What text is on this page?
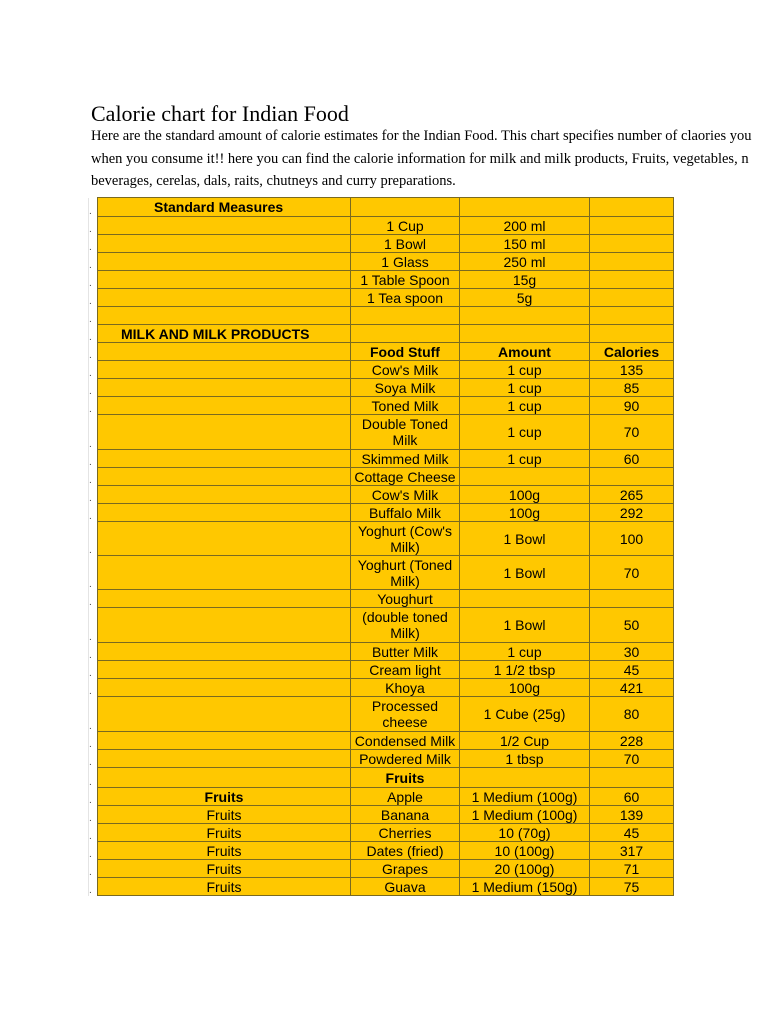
Calorie chart for Indian Food
Here are the standard amount of calorie estimates for the Indian Food. This chart specifies number of claories you
when you consume it!! here you can find the calorie information for milk and milk products, Fruits, vegetables, n
beverages, cerelas, dals, raits, chutneys and curry preparations.
.	Standard Measures			
.		1 Cup	200 ml	
.		1 Bowl	150 ml	
.		1 Glass	250 ml	
.		1 Table Spoon	15g	
.		1 Tea spoon	5g	
.				
.	MILK AND MILK PRODUCTS			
.		Food Stuff	Amount	Calories
.		Cow's Milk	1 cup	135
.		Soya Milk	1 cup	85
.		Toned Milk	1 cup	90
.		Double Toned Milk	1 cup	70
.		Skimmed Milk	1 cup	60
.		Cottage Cheese		
.		Cow's Milk	100g	265
.		Buffalo Milk	100g	292
.		Yoghurt (Cow's Milk)	1 Bowl	100
.		Yoghurt (Toned Milk)	1 Bowl	70
.		Youghurt		
.		(double toned Milk)	1 Bowl	50
.		Butter Milk	1 cup	30
.		Cream light	1 1/2 tbsp	45
.		Khoya	100g	421
.		Processed cheese	1 Cube (25g)	80
.		Condensed Milk	1/2 Cup	228
.		Powdered Milk	1 tbsp	70
.		Fruits		
.	Fruits	Apple	1 Medium (100g)	60
.	Fruits	Banana	1 Medium (100g)	139
.	Fruits	Cherries	10 (70g)	45
.	Fruits	Dates (fried)	10 (100g)	317
.	Fruits	Grapes	20 (100g)	71
.	Fruits	Guava	1 Medium (150g)	75
